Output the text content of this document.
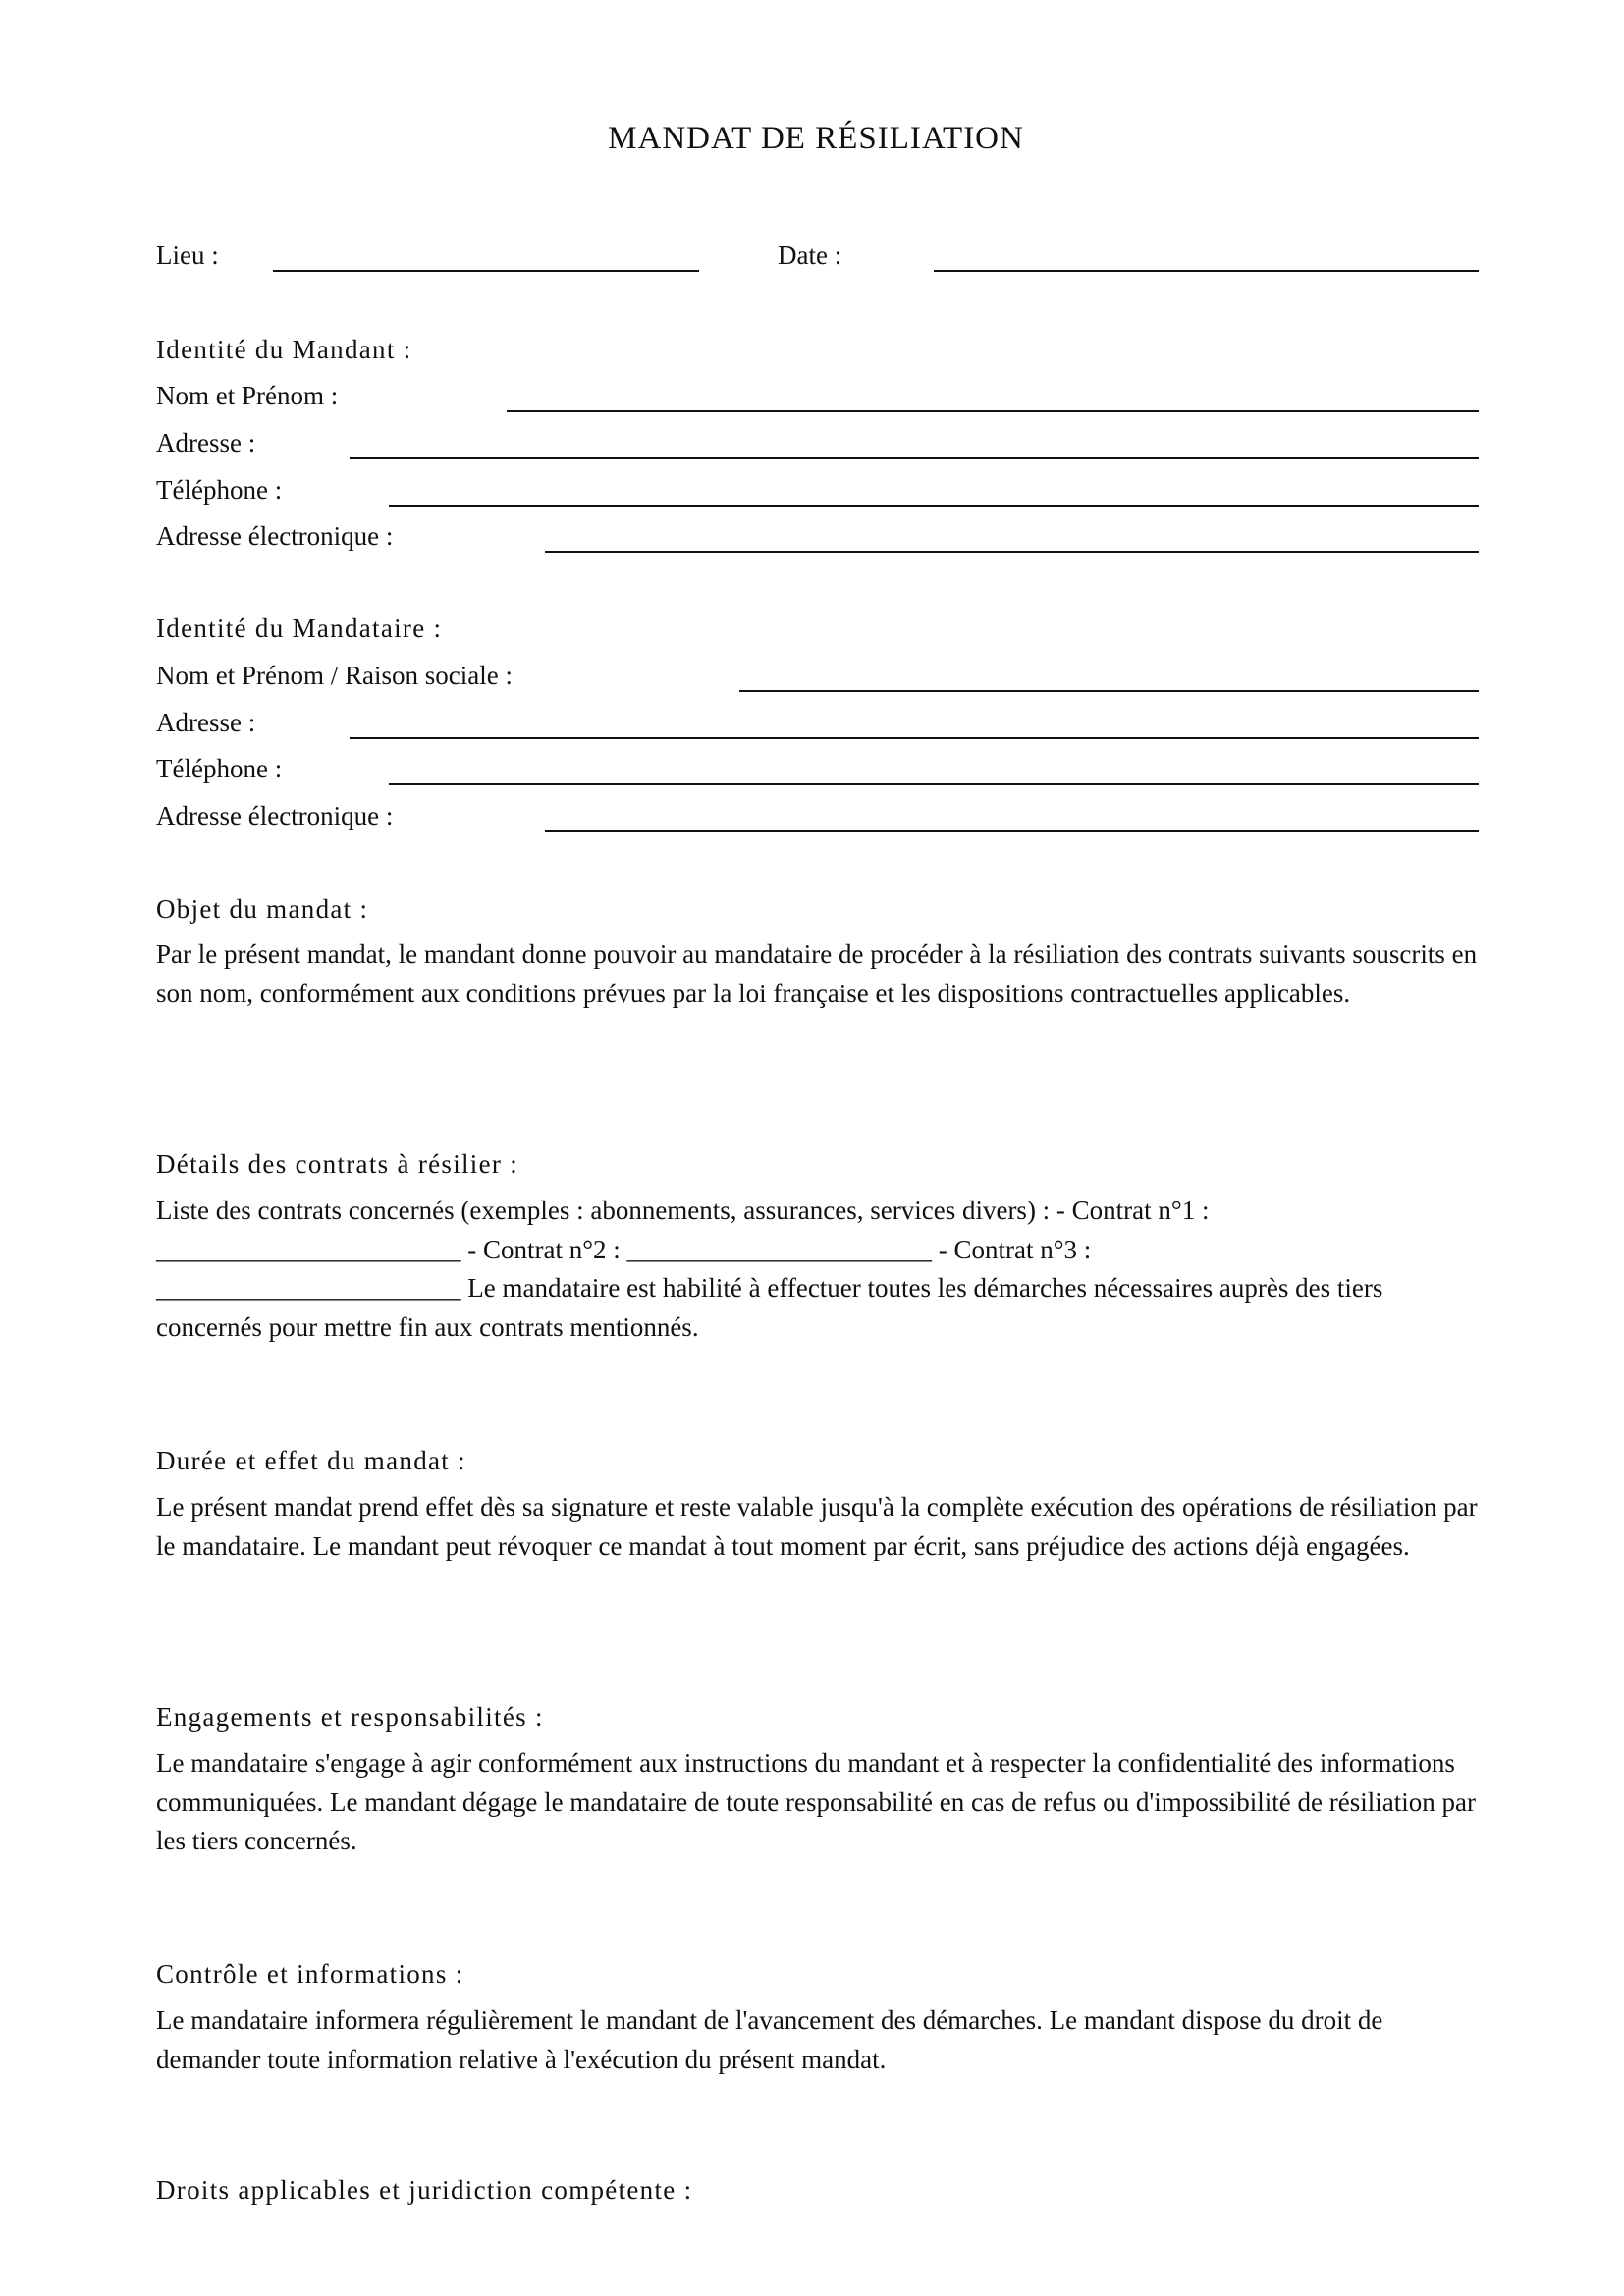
MANDAT DE RÉSILIATION
Lieu :	Date :
Identité du Mandant :
Nom et Prénom :
Adresse :
Téléphone :
Adresse électronique :
Identité du Mandataire :
Nom et Prénom / Raison sociale :
Adresse :
Téléphone :
Adresse électronique :
Objet du mandat :
Par le présent mandat, le mandant donne pouvoir au mandataire de procéder à la résiliation des contrats suivants souscrits en son nom, conformément aux conditions prévues par la loi française et les dispositions contractuelles applicables.
Détails des contrats à résilier :
Liste des contrats concernés (exemples : abonnements, assurances, services divers) : - Contrat n°1 :
_______________________ - Contrat n°2 : _______________________ - Contrat n°3 :
_______________________ Le mandataire est habilité à effectuer toutes les démarches nécessaires auprès des tiers concernés pour mettre fin aux contrats mentionnés.
Durée et effet du mandat :
Le présent mandat prend effet dès sa signature et reste valable jusqu'à la complète exécution des opérations de résiliation par le mandataire. Le mandant peut révoquer ce mandat à tout moment par écrit, sans préjudice des actions déjà engagées.
Engagements et responsabilités :
Le mandataire s'engage à agir conformément aux instructions du mandant et à respecter la confidentialité des informations communiquées. Le mandant dégage le mandataire de toute responsabilité en cas de refus ou d'impossibilité de résiliation par les tiers concernés.
Contrôle et informations :
Le mandataire informera régulièrement le mandant de l'avancement des démarches. Le mandant dispose du droit de demander toute information relative à l'exécution du présent mandat.
Droits applicables et juridiction compétente :
